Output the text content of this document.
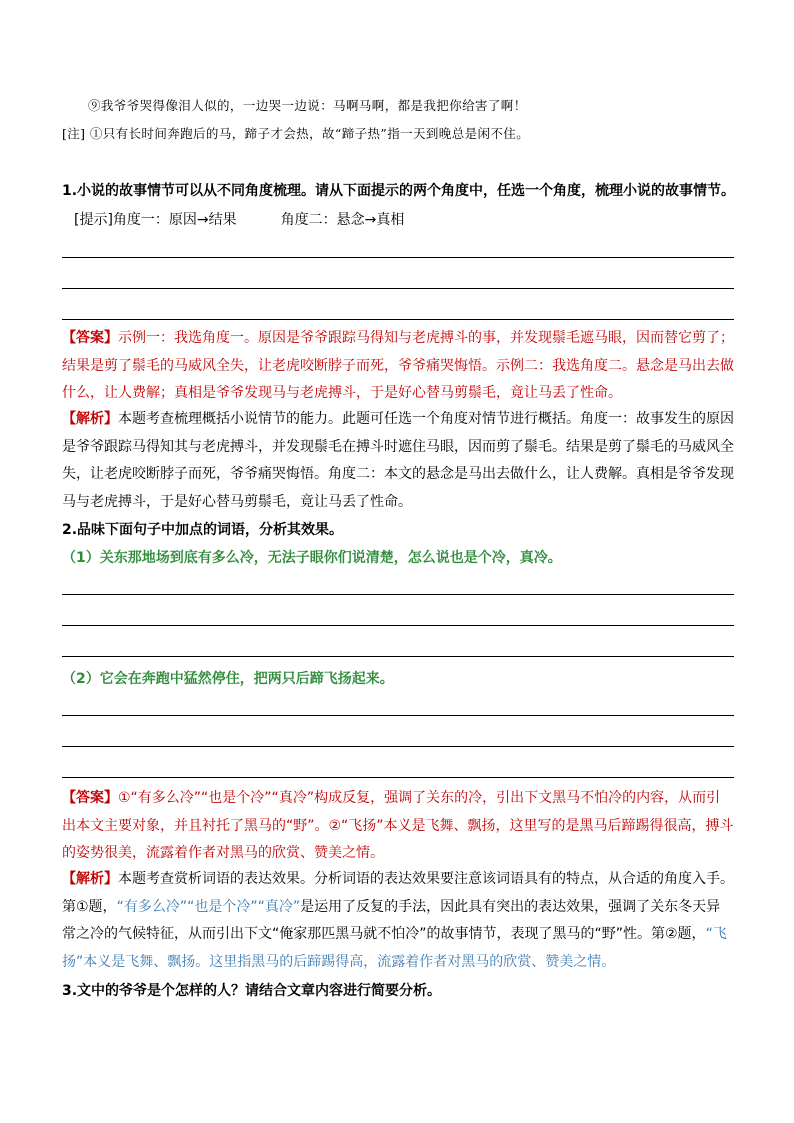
⑨我爷爷哭得像泪人似的，一边哭一边说：马啊马啊，都是我把你给害了啊！
[注] ①只有长时间奔跑后的马，蹄子才会热，故“蹄子热”指一天到晚总是闲不住。
1.小说的故事情节可以从不同角度梳理。请从下面提示的两个角度中，任选一个角度，梳理小说的故事情节。
[提示]角度一：原因→结果	角度二：悬念→真相
【答案】示例一：我选角度一。原因是爷爷跟踪马得知与老虎搏斗的事，并发现鬃毛遮马眼，因而替它剪了；结果是剪了鬃毛的马威风全失，让老虎咬断脖子而死，爷爷痛哭悔悟。示例二：我选角度二。悬念是马出去做什么，让人费解；真相是爷爷发现马与老虎搏斗，于是好心替马剪鬃毛，竟让马丢了性命。
【解析】本题考查梳理概括小说情节的能力。此题可任选一个角度对情节进行概括。角度一：故事发生的原因是爷爷跟踪马得知其与老虎搏斗，并发现鬃毛在搏斗时遮住马眼，因而剪了鬃毛。结果是剪了鬃毛的马威风全失，让老虎咬断脖子而死，爷爷痛哭悔悟。角度二：本文的悬念是马出去做什么，让人费解。真相是爷爷发现马与老虎搏斗，于是好心替马剪鬃毛，竟让马丢了性命。
2.品味下面句子中加点的词语，分析其效果。
（1）关东那地场到底有多么冷，无法子眼你们说清楚，怎么说也是个冷，真冷。
（2）它会在奔跑中猛然停住，把两只后蹄飞扬起来。
【答案】①“有多么冷”“也是个冷”“真冷”构成反复，强调了关东的冷，引出下文黑马不怕冷的内容，从而引出本文主要对象，并且衬托了黑马的“野”。②“飞扬”本义是飞舞、飘扬，这里写的是黑马后蹄踢得很高，搏斗的姿势很美，流露着作者对黑马的欣赏、赞美之情。
【解析】本题考查赏析词语的表达效果。分析词语的表达效果要注意该词语具有的特点，从合适的角度入手。第①题，“有多么冷”“也是个冷”“真冷”是运用了反复的手法，因此具有突出的表达效果，强调了关东冬天异常之冷的气候特征，从而引出下文“俺家那匹黑马就不怕冷”的故事情节，表现了黑马的“野”性。第②题，“飞扬”本义是飞舞、飘扬。这里指黑马的后蹄踢得高，流露着作者对黑马的欣赏、赞美之情。
3.文中的爷爷是个怎样的人？请结合文章内容进行简要分析。
